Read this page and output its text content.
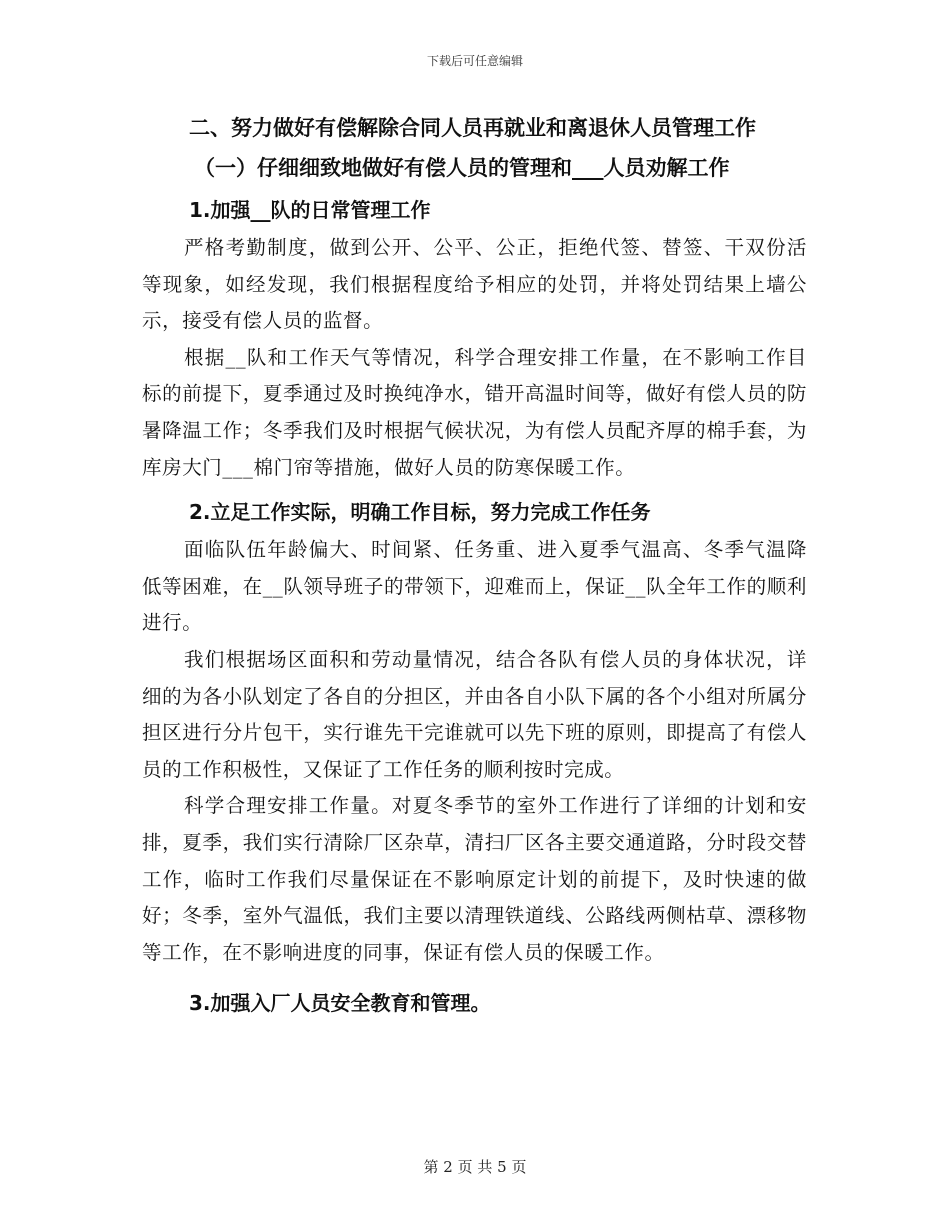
下载后可任意编辑
二、努力做好有偿解除合同人员再就业和离退休人员管理工作
（一）仔细细致地做好有偿人员的管理和___人员劝解工作
1.加强__队的日常管理工作

严格考勤制度，做到公开、公平、公正，拒绝代签、替签、干双份活等现象，如经发现，我们根据程度给予相应的处罚，并将处罚结果上墙公示，接受有偿人员的监督。

根据__队和工作天气等情况，科学合理安排工作量，在不影响工作目标的前提下，夏季通过及时换纯净水，错开高温时间等，做好有偿人员的防暑降温工作；冬季我们及时根据气候状况，为有偿人员配齐厚的棉手套，为库房大门___棉门帘等措施，做好人员的防寒保暖工作。

2.立足工作实际，明确工作目标，努力完成工作任务

面临队伍年龄偏大、时间紧、任务重、进入夏季气温高、冬季气温降低等困难，在__队领导班子的带领下，迎难而上，保证__队全年工作的顺利进行。

我们根据场区面积和劳动量情况，结合各队有偿人员的身体状况，详细的为各小队划定了各自的分担区，并由各自小队下属的各个小组对所属分担区进行分片包干，实行谁先干完谁就可以先下班的原则，即提高了有偿人员的工作积极性，又保证了工作任务的顺利按时完成。

科学合理安排工作量。对夏冬季节的室外工作进行了详细的计划和安排，夏季，我们实行清除厂区杂草，清扫厂区各主要交通道路，分时段交替工作，临时工作我们尽量保证在不影响原定计划的前提下，及时快速的做好；冬季，室外气温低，我们主要以清理铁道线、公路线两侧枯草、漂移物等工作，在不影响进度的同事，保证有偿人员的保暖工作。

3.加强入厂人员安全教育和管理。
第 2 页 共 5 页
